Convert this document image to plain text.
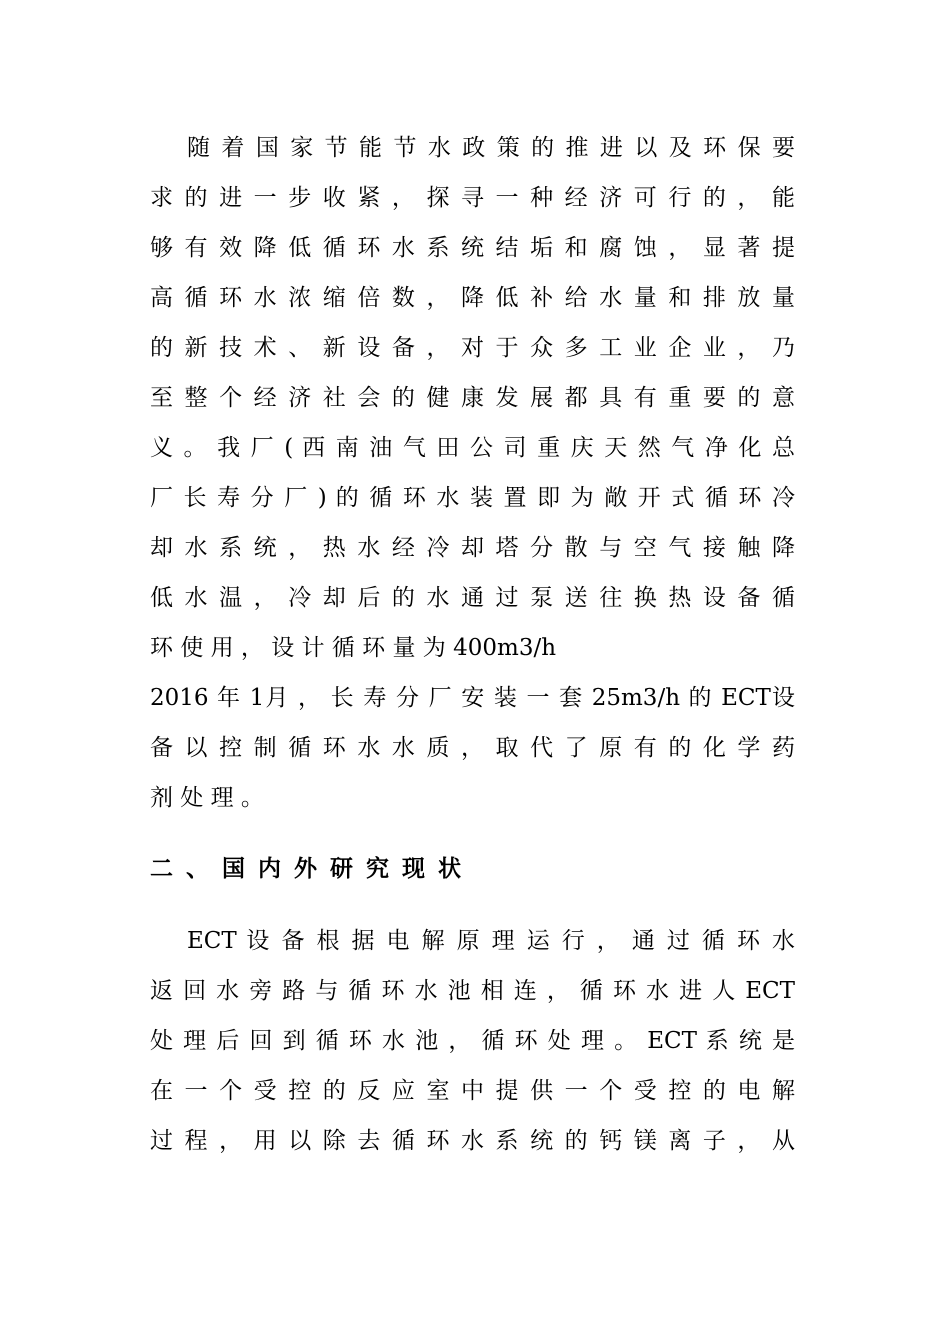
随 着 国 家 节 能 节 水 政 策 的 推 进 以 及 环 保 要
求 的 进 一 步 收 紧 ， 探 寻 一 种 经 济 可 行 的 ， 能
够 有 效 降 低 循 环 水 系 统 结 垢 和 腐 蚀 ， 显 著 提
高 循 环 水 浓 缩 倍 数 ， 降 低 补 给 水 量 和 排 放 量
的 新 技 术 、 新 设 备 ， 对 于 众 多 工 业 企 业 ， 乃
至 整 个 经 济 社 会 的 健 康 发 展 都 具 有 重 要 的 意
义 。 我 厂 ( 西 南 油 气 田 公 司 重 庆 天 然 气 净 化 总
厂 长 寿 分 厂 ) 的 循 环 水 装 置 即 为 敞 开 式 循 环 冷
却 水 系 统 ， 热 水 经 冷 却 塔 分 散 与 空 气 接 触 降
低 水 温 ， 冷 却 后 的 水 通 过 泵 送 往 换 热 设 备 循
环 使 用 ， 设 计 循 环 量 为 400m3/h
2016 年 1月 ， 长 寿 分 厂 安 装 一 套 25m3/h 的 ECT设
备 以 控 制 循 环 水 水 质 ， 取 代 了 原 有 的 化 学 药
剂 处 理 。
二、国内外研究现状
ECT 设 备 根 据 电 解 原 理 运 行 ， 通 过 循 环 水
返 回 水 旁 路 与 循 环 水 池 相 连 ， 循 环 水 进 人 ECT
处 理 后 回 到 循 环 水 池 ， 循 环 处 理 。 ECT 系 统 是
在 一 个 受 控 的 反 应 室 中 提 供 一 个 受 控 的 电 解
过 程 ， 用 以 除 去 循 环 水 系 统 的 钙 镁 离 子 ， 从
